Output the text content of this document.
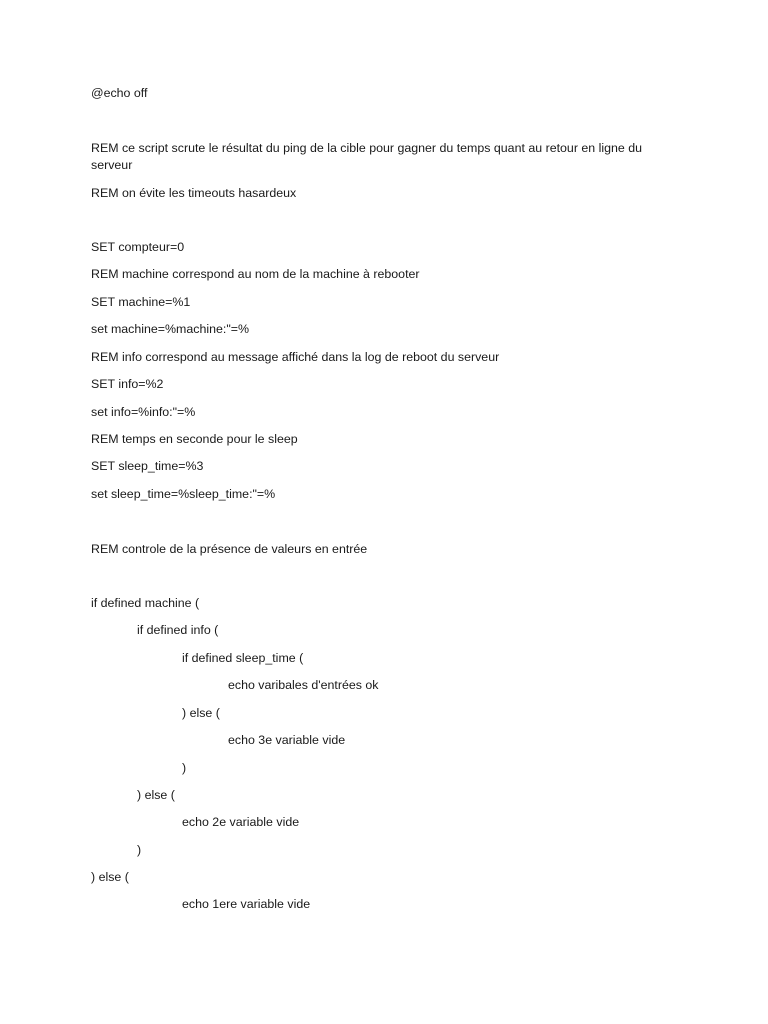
@echo off
REM ce script scrute le résultat du ping de la cible pour gagner du temps quant au retour en ligne du serveur
REM on évite les timeouts hasardeux
SET compteur=0
REM machine correspond au nom de la machine à rebooter
SET machine=%1
set machine=%machine:"=%
REM info correspond au message affiché dans la log de reboot du serveur
SET info=%2
set info=%info:"=%
REM temps en seconde pour le sleep
SET sleep_time=%3
set sleep_time=%sleep_time:"=%
REM controle de la présence de valeurs en entrée
if defined machine (
if defined info (
if defined sleep_time (
echo varibales d'entrées ok
) else (
echo 3e variable vide
)
) else (
echo 2e variable vide
)
) else (
echo 1ere variable vide
